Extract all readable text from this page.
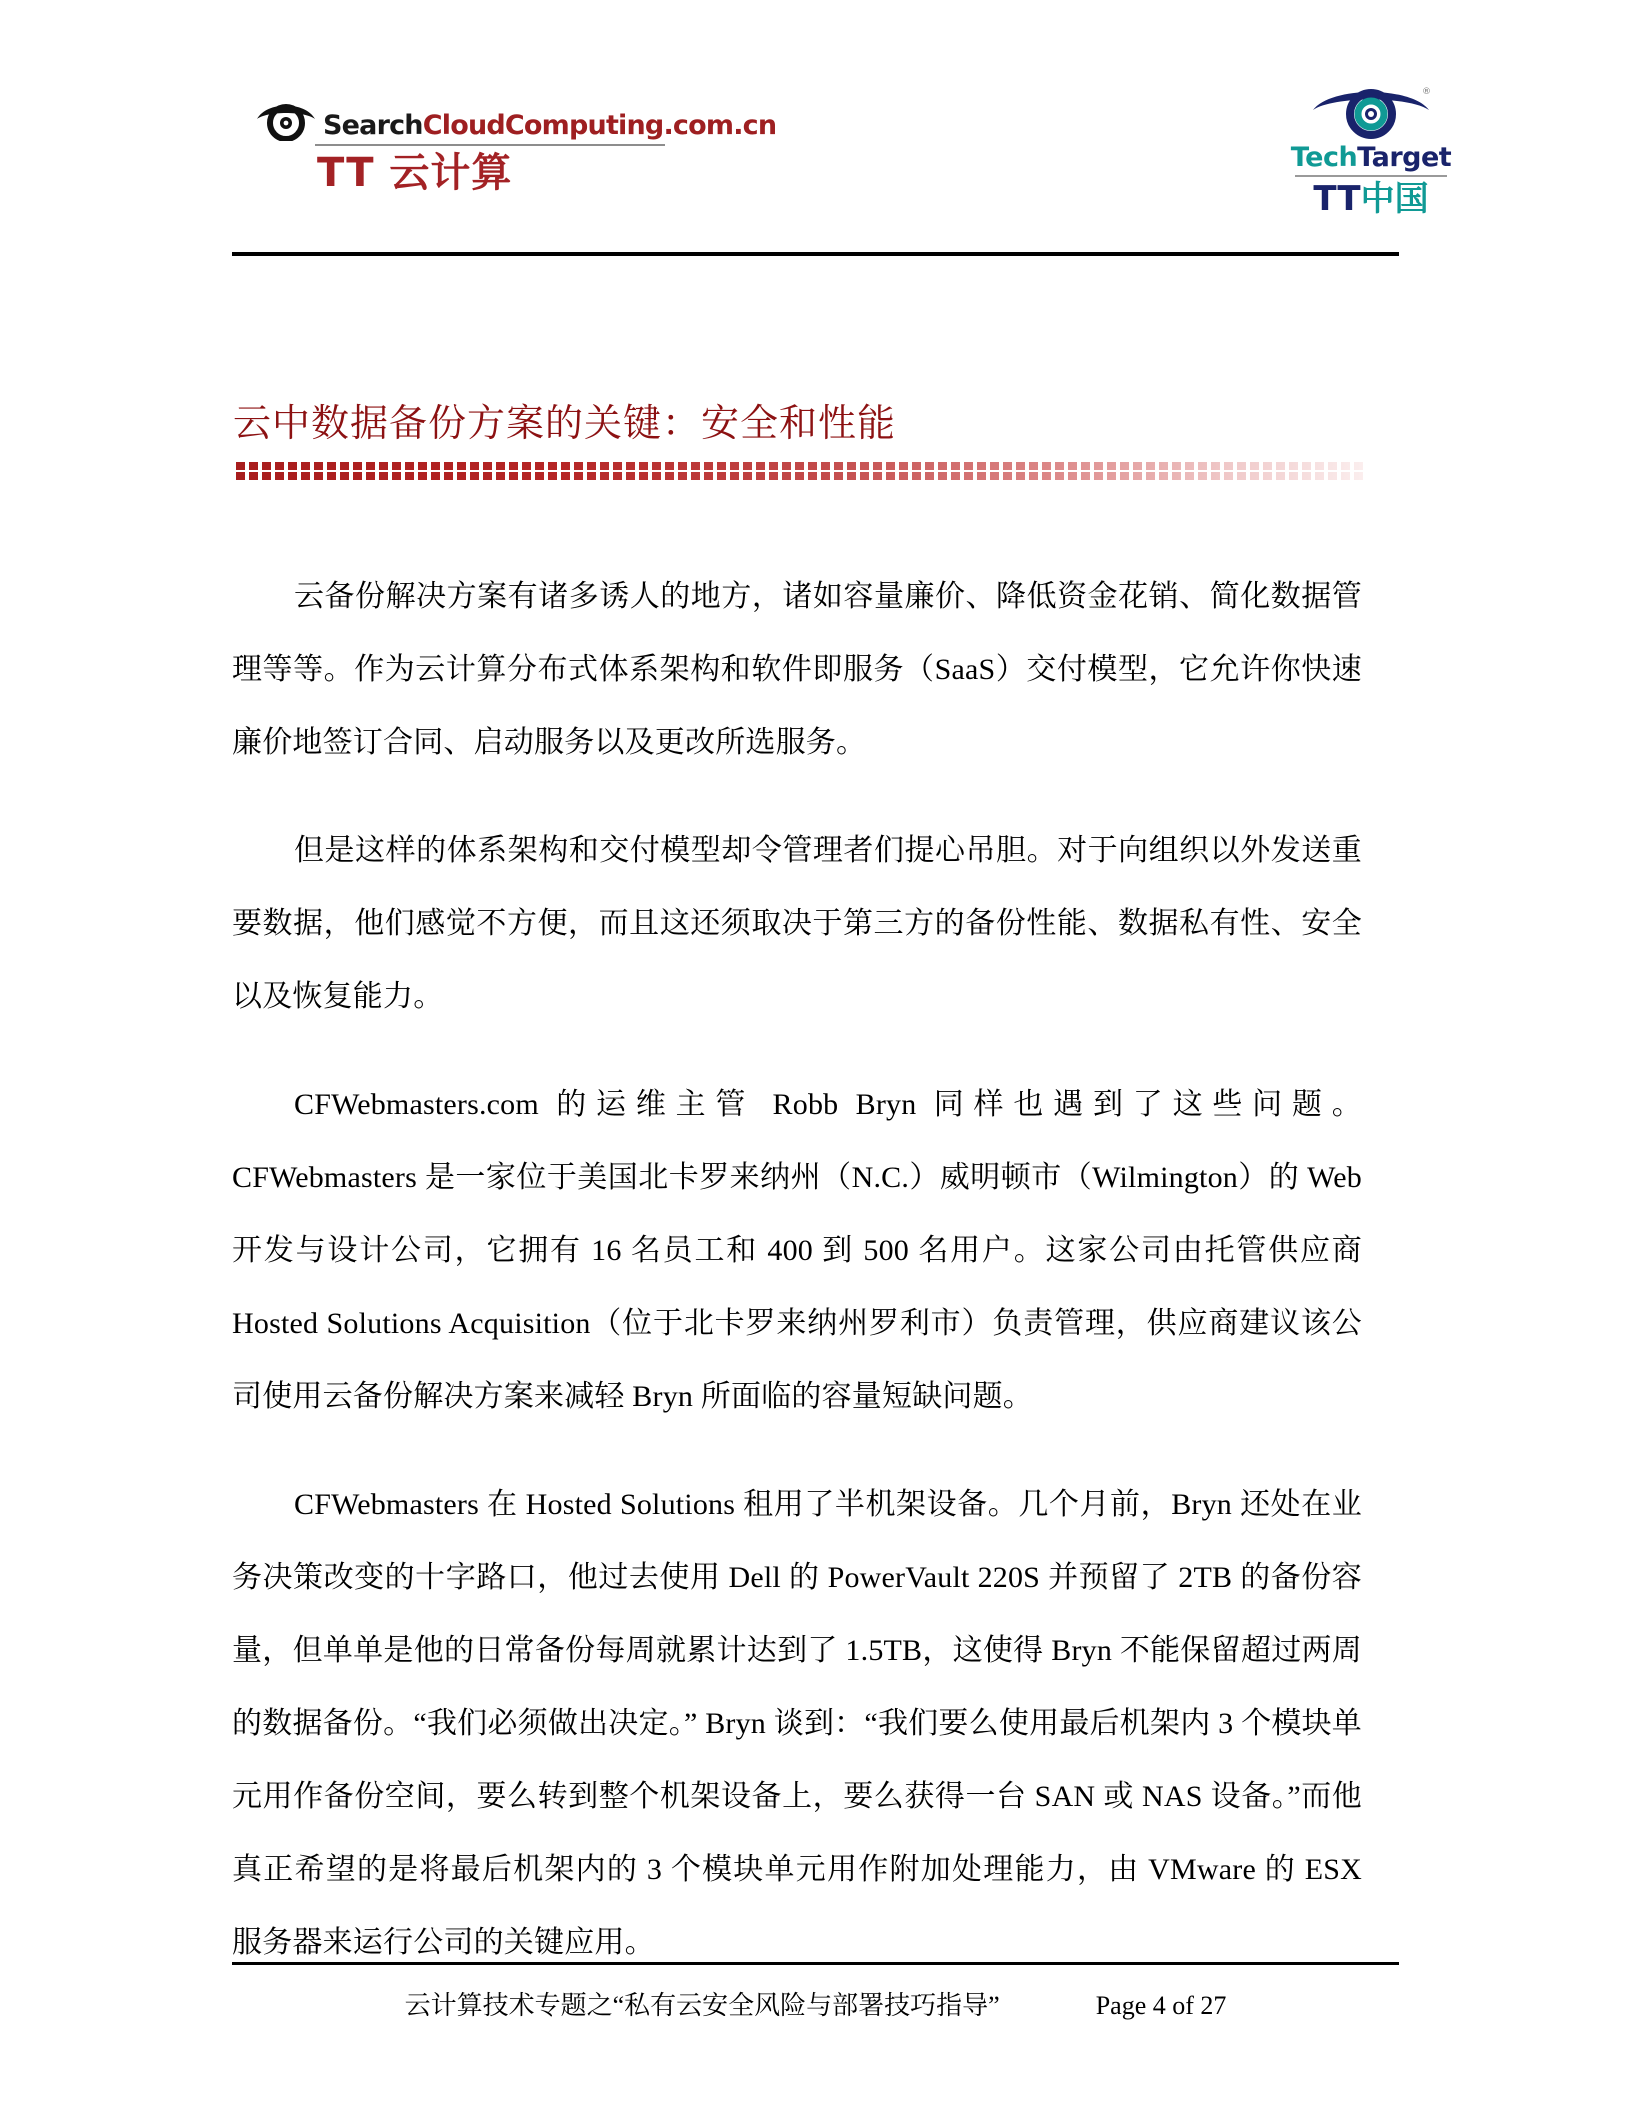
SearchCloudComputing.com.cn
TT 云计算
®
TechTarget
TT中国
云中数据备份方案的关键：安全和性能

云备份解决方案有诸多诱人的地方，诸如容量廉价、降低资金花销、简化数据管理等等。作为云计算分布式体系架构和软件即服务（SaaS）交付模型，它允许你快速廉价地签订合同、启动服务以及更改所选服务。

但是这样的体系架构和交付模型却令管理者们提心吊胆。对于向组织以外发送重要数据，他们感觉不方便，而且这还须取决于第三方的备份性能、数据私有性、安全以及恢复能力。

CFWebmasters.com 的运维主管 Robb Bryn 同样也遇到了这些问题。CFWebmasters 是一家位于美国北卡罗来纳州（N.C.）威明顿市（Wilmington）的 Web 开发与设计公司，它拥有 16 名员工和 400 到 500 名用户。这家公司由托管供应商 Hosted Solutions Acquisition（位于北卡罗来纳州罗利市）负责管理，供应商建议该公司使用云备份解决方案来减轻 Bryn 所面临的容量短缺问题。

CFWebmasters 在 Hosted Solutions 租用了半机架设备。几个月前，Bryn 还处在业务决策改变的十字路口，他过去使用 Dell 的 PowerVault 220S 并预留了 2TB 的备份容量，但单单是他的日常备份每周就累计达到了 1.5TB，这使得 Bryn 不能保留超过两周的数据备份。“我们必须做出决定。” Bryn 谈到：“我们要么使用最后机架内 3 个模块单元用作备份空间，要么转到整个机架设备上，要么获得一台 SAN 或 NAS 设备。”而他真正希望的是将最后机架内的 3 个模块单元用作附加处理能力，由 VMware 的 ESX 服务器来运行公司的关键应用。

云计算技术专题之“私有云安全风险与部署技巧指导”	Page 4 of 27
